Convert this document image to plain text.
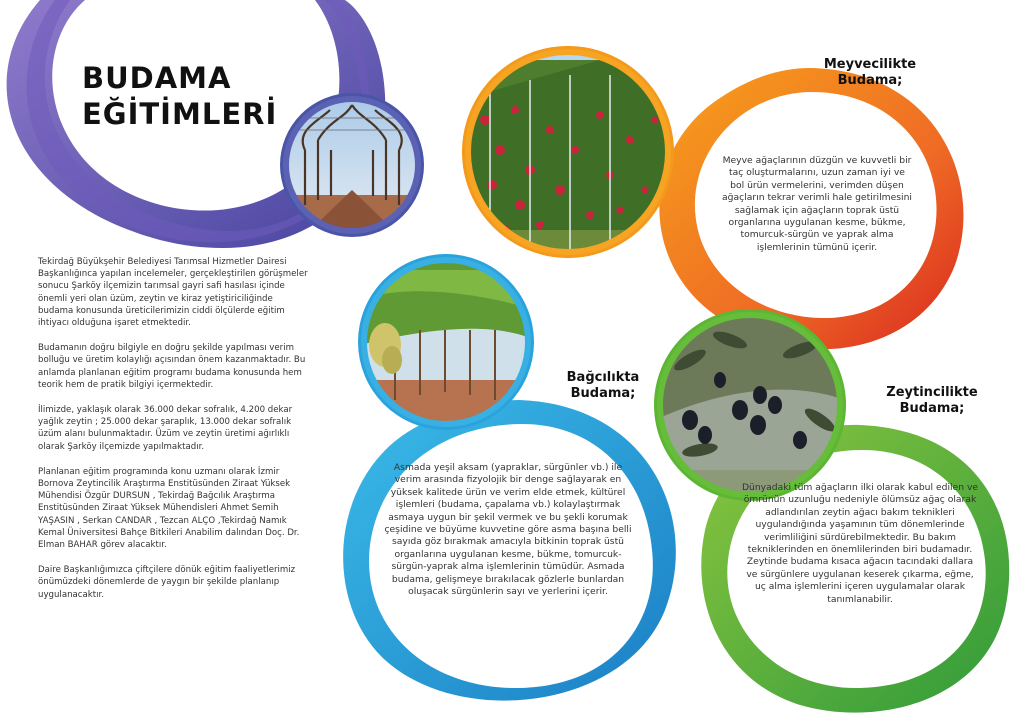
BUDAMA
EĞİTİMLERİ

Tekirdağ Büyükşehir Belediyesi Tarımsal Hizmetler Dairesi Başkanlığınca yapılan incelemeler, gerçekleştirilen görüşmeler sonucu Şarköy ilçemizin tarımsal gayri safi hasılası içinde önemli yeri olan üzüm, zeytin ve kiraz yetiştiriciliğinde budama konusunda üreticilerimizin ciddi ölçülerde eğitim ihtiyacı olduğuna işaret etmektedir.

Budamanın doğru bilgiyle en doğru şekilde yapılması verim bolluğu ve üretim kolaylığı açısından önem kazanmaktadır. Bu anlamda planlanan eğitim programı budama konusunda hem teorik hem de pratik bilgiyi içermektedir.

İlimizde, yaklaşık olarak 36.000 dekar sofralık, 4.200 dekar yağlık zeytin ; 25.000 dekar şaraplık, 13.000 dekar sofralık üzüm alanı bulunmaktadır. Üzüm ve zeytin üretimi ağırlıklı olarak Şarköy ilçemizde yapılmaktadır.

Planlanan eğitim programında konu uzmanı olarak İzmir Bornova Zeytincilik Araştırma Enstitüsünden Ziraat Yüksek Mühendisi Özgür DURSUN , Tekirdağ Bağcılık Araştırma Enstitüsünden Ziraat Yüksek Mühendisleri Ahmet Semih YAŞASIN , Serkan CANDAR , Tezcan ALÇO ,Tekirdağ Namık Kemal Üniversitesi Bahçe Bitkileri Anabilim dalından Doç. Dr. Elman BAHAR görev alacaktır.

Daire Başkanlığımızca çiftçilere dönük eğitim faaliyetlerimiz önümüzdeki dönemlerde de yaygın bir şekilde planlanıp uygulanacaktır.

Meyvecilikte
Budama;
Meyve ağaçlarının düzgün ve kuvvetli bir taç oluşturmalarını, uzun zaman iyi ve bol ürün vermelerini, verimden düşen ağaçların tekrar verimli hale getirilmesini sağlamak için ağaçların toprak üstü organlarına uygulanan kesme, bükme, tomurcuk-sürgün ve yaprak alma işlemlerinin tümünü içerir.
Bağcılıkta
Budama;
Asmada yeşil aksam (yapraklar, sürgünler vb.) ile verim arasında fizyolojik bir denge sağlayarak en yüksek kalitede ürün ve verim elde etmek, kültürel işlemleri (budama, çapalama vb.) kolaylaştırmak asmaya uygun bir şekil vermek ve bu şekli korumak çeşidine ve büyüme kuvvetine göre asma başına belli sayıda göz bırakmak amacıyla bitkinin toprak üstü organlarına uygulanan kesme, bükme, tomurcuk-sürgün-yaprak alma işlemlerinin tümüdür. Asmada budama, gelişmeye bırakılacak gözlerle bunlardan oluşacak sürgünlerin sayı ve yerlerini içerir.
Zeytincilikte
Budama;
Dünyadaki tüm ağaçların ilki olarak kabul edilen ve ömrünün uzunluğu nedeniyle ölümsüz ağaç olarak adlandırılan zeytin ağacı bakım teknikleri uygulandığında yaşamının tüm dönemlerinde verimliliğini sürdürebilmektedir. Bu bakım tekniklerinden en önemlilerinden biri budamadır. Zeytinde budama kısaca ağacın tacındaki dallara ve sürgünlere uygulanan keserek çıkarma, eğme, uç alma işlemlerini içeren uygulamalar olarak tanımlanabilir.
